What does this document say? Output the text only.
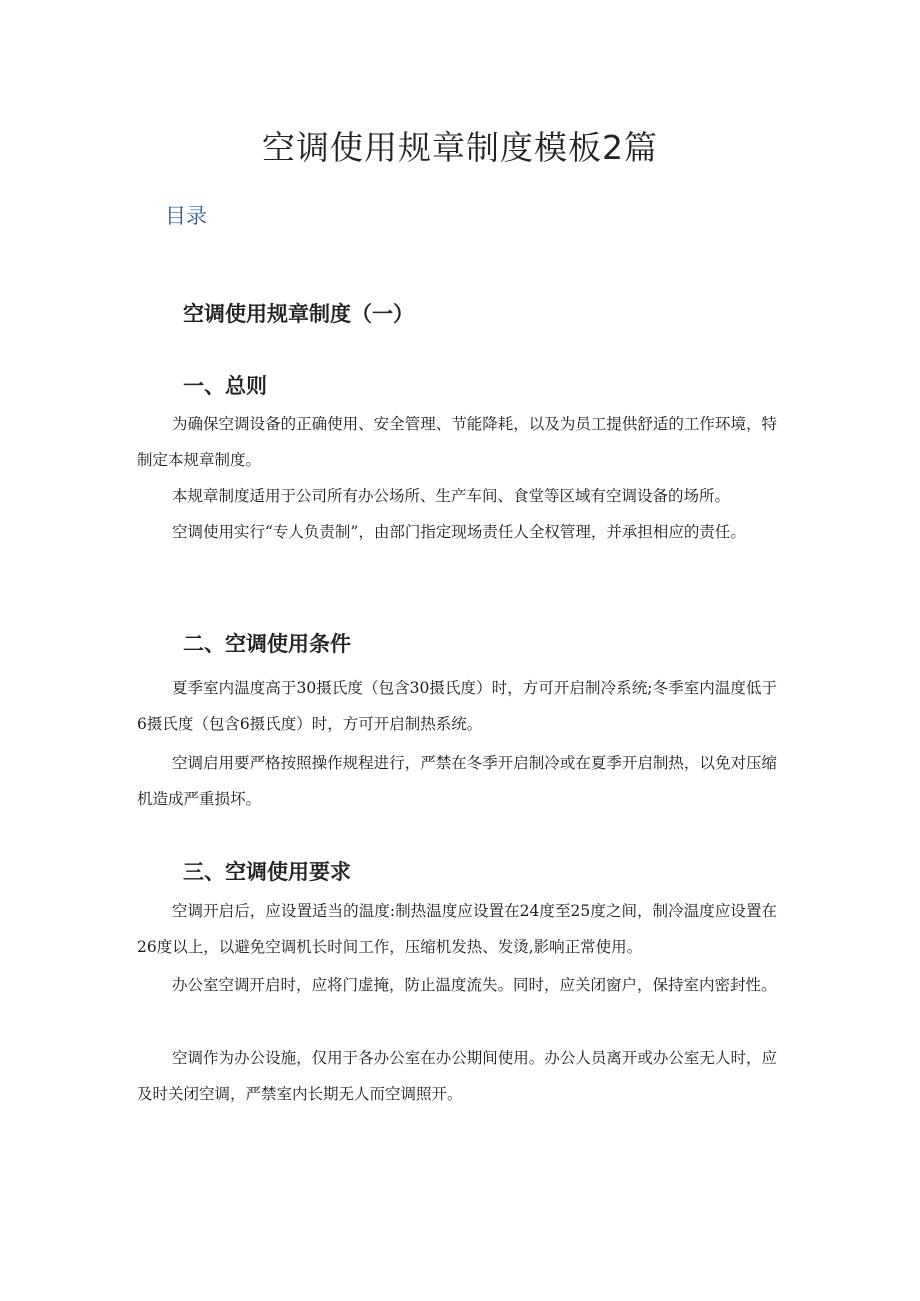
空调使用规章制度模板2篇
目录
空调使用规章制度（一）
一、总则

为确保空调设备的正确使用、安全管理、节能降耗，以及为员工提供舒适的工作环境，特制定本规章制度。

本规章制度适用于公司所有办公场所、生产车间、食堂等区域有空调设备的场所。

空调使用实行“专人负责制”，由部门指定现场责任人全权管理，并承担相应的责任。

二、空调使用条件

夏季室内温度高于30摄氏度（包含30摄氏度）时，方可开启制冷系统;冬季室内温度低于6摄氏度（包含6摄氏度）时，方可开启制热系统。

空调启用要严格按照操作规程进行，严禁在冬季开启制冷或在夏季开启制热，以免对压缩机造成严重损坏。

三、空调使用要求

空调开启后，应设置适当的温度:制热温度应设置在24度至25度之间，制冷温度应设置在26度以上，以避免空调机长时间工作，压缩机发热、发烫,影响正常使用。

办公室空调开启时，应将门虚掩，防止温度流失。同时，应关闭窗户，保持室内密封性。

空调作为办公设施，仅用于各办公室在办公期间使用。办公人员离开或办公室无人时，应及时关闭空调，严禁室内长期无人而空调照开。
